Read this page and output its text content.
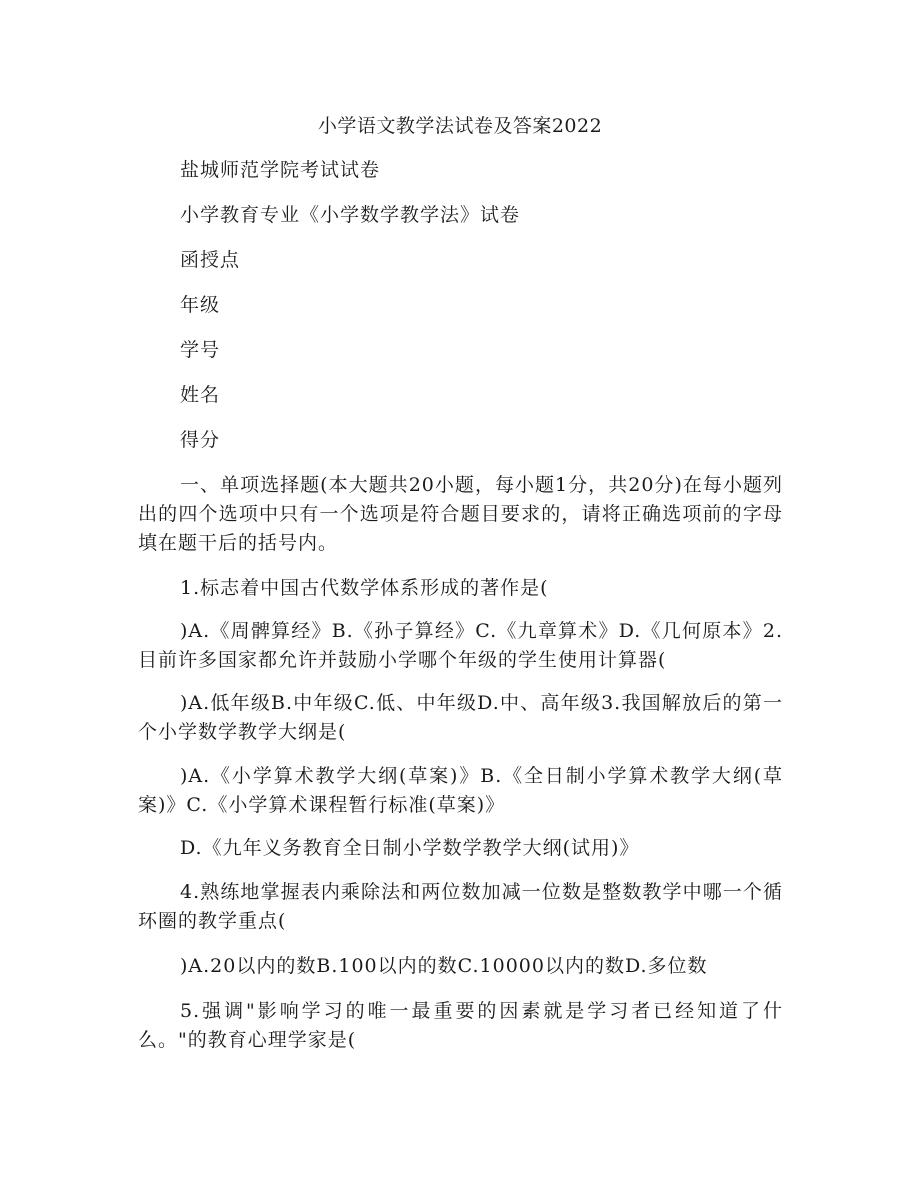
小学语文教学法试卷及答案2022
盐城师范学院考试试卷
小学教育专业《小学数学教学法》试卷
函授点
年级
学号
姓名
得分
一、单项选择题(本大题共20小题，每小题1分，共20分)在每小题列出的四个选项中只有一个选项是符合题目要求的，请将正确选项前的字母填在题干后的括号内。
1.标志着中国古代数学体系形成的著作是(
)A.《周髀算经》B.《孙子算经》C.《九章算术》D.《几何原本》2.目前许多国家都允许并鼓励小学哪个年级的学生使用计算器(
)A.低年级B.中年级C.低、中年级D.中、高年级3.我国解放后的第一个小学数学教学大纲是(
)A.《小学算术教学大纲(草案)》B.《全日制小学算术教学大纲(草案)》C.《小学算术课程暂行标准(草案)》
D.《九年义务教育全日制小学数学教学大纲(试用)》
4.熟练地掌握表内乘除法和两位数加减一位数是整数教学中哪一个循环圈的教学重点(
)A.20以内的数B.100以内的数C.10000以内的数D.多位数
5.强调"影响学习的唯一最重要的因素就是学习者已经知道了什么。"的教育心理学家是(
